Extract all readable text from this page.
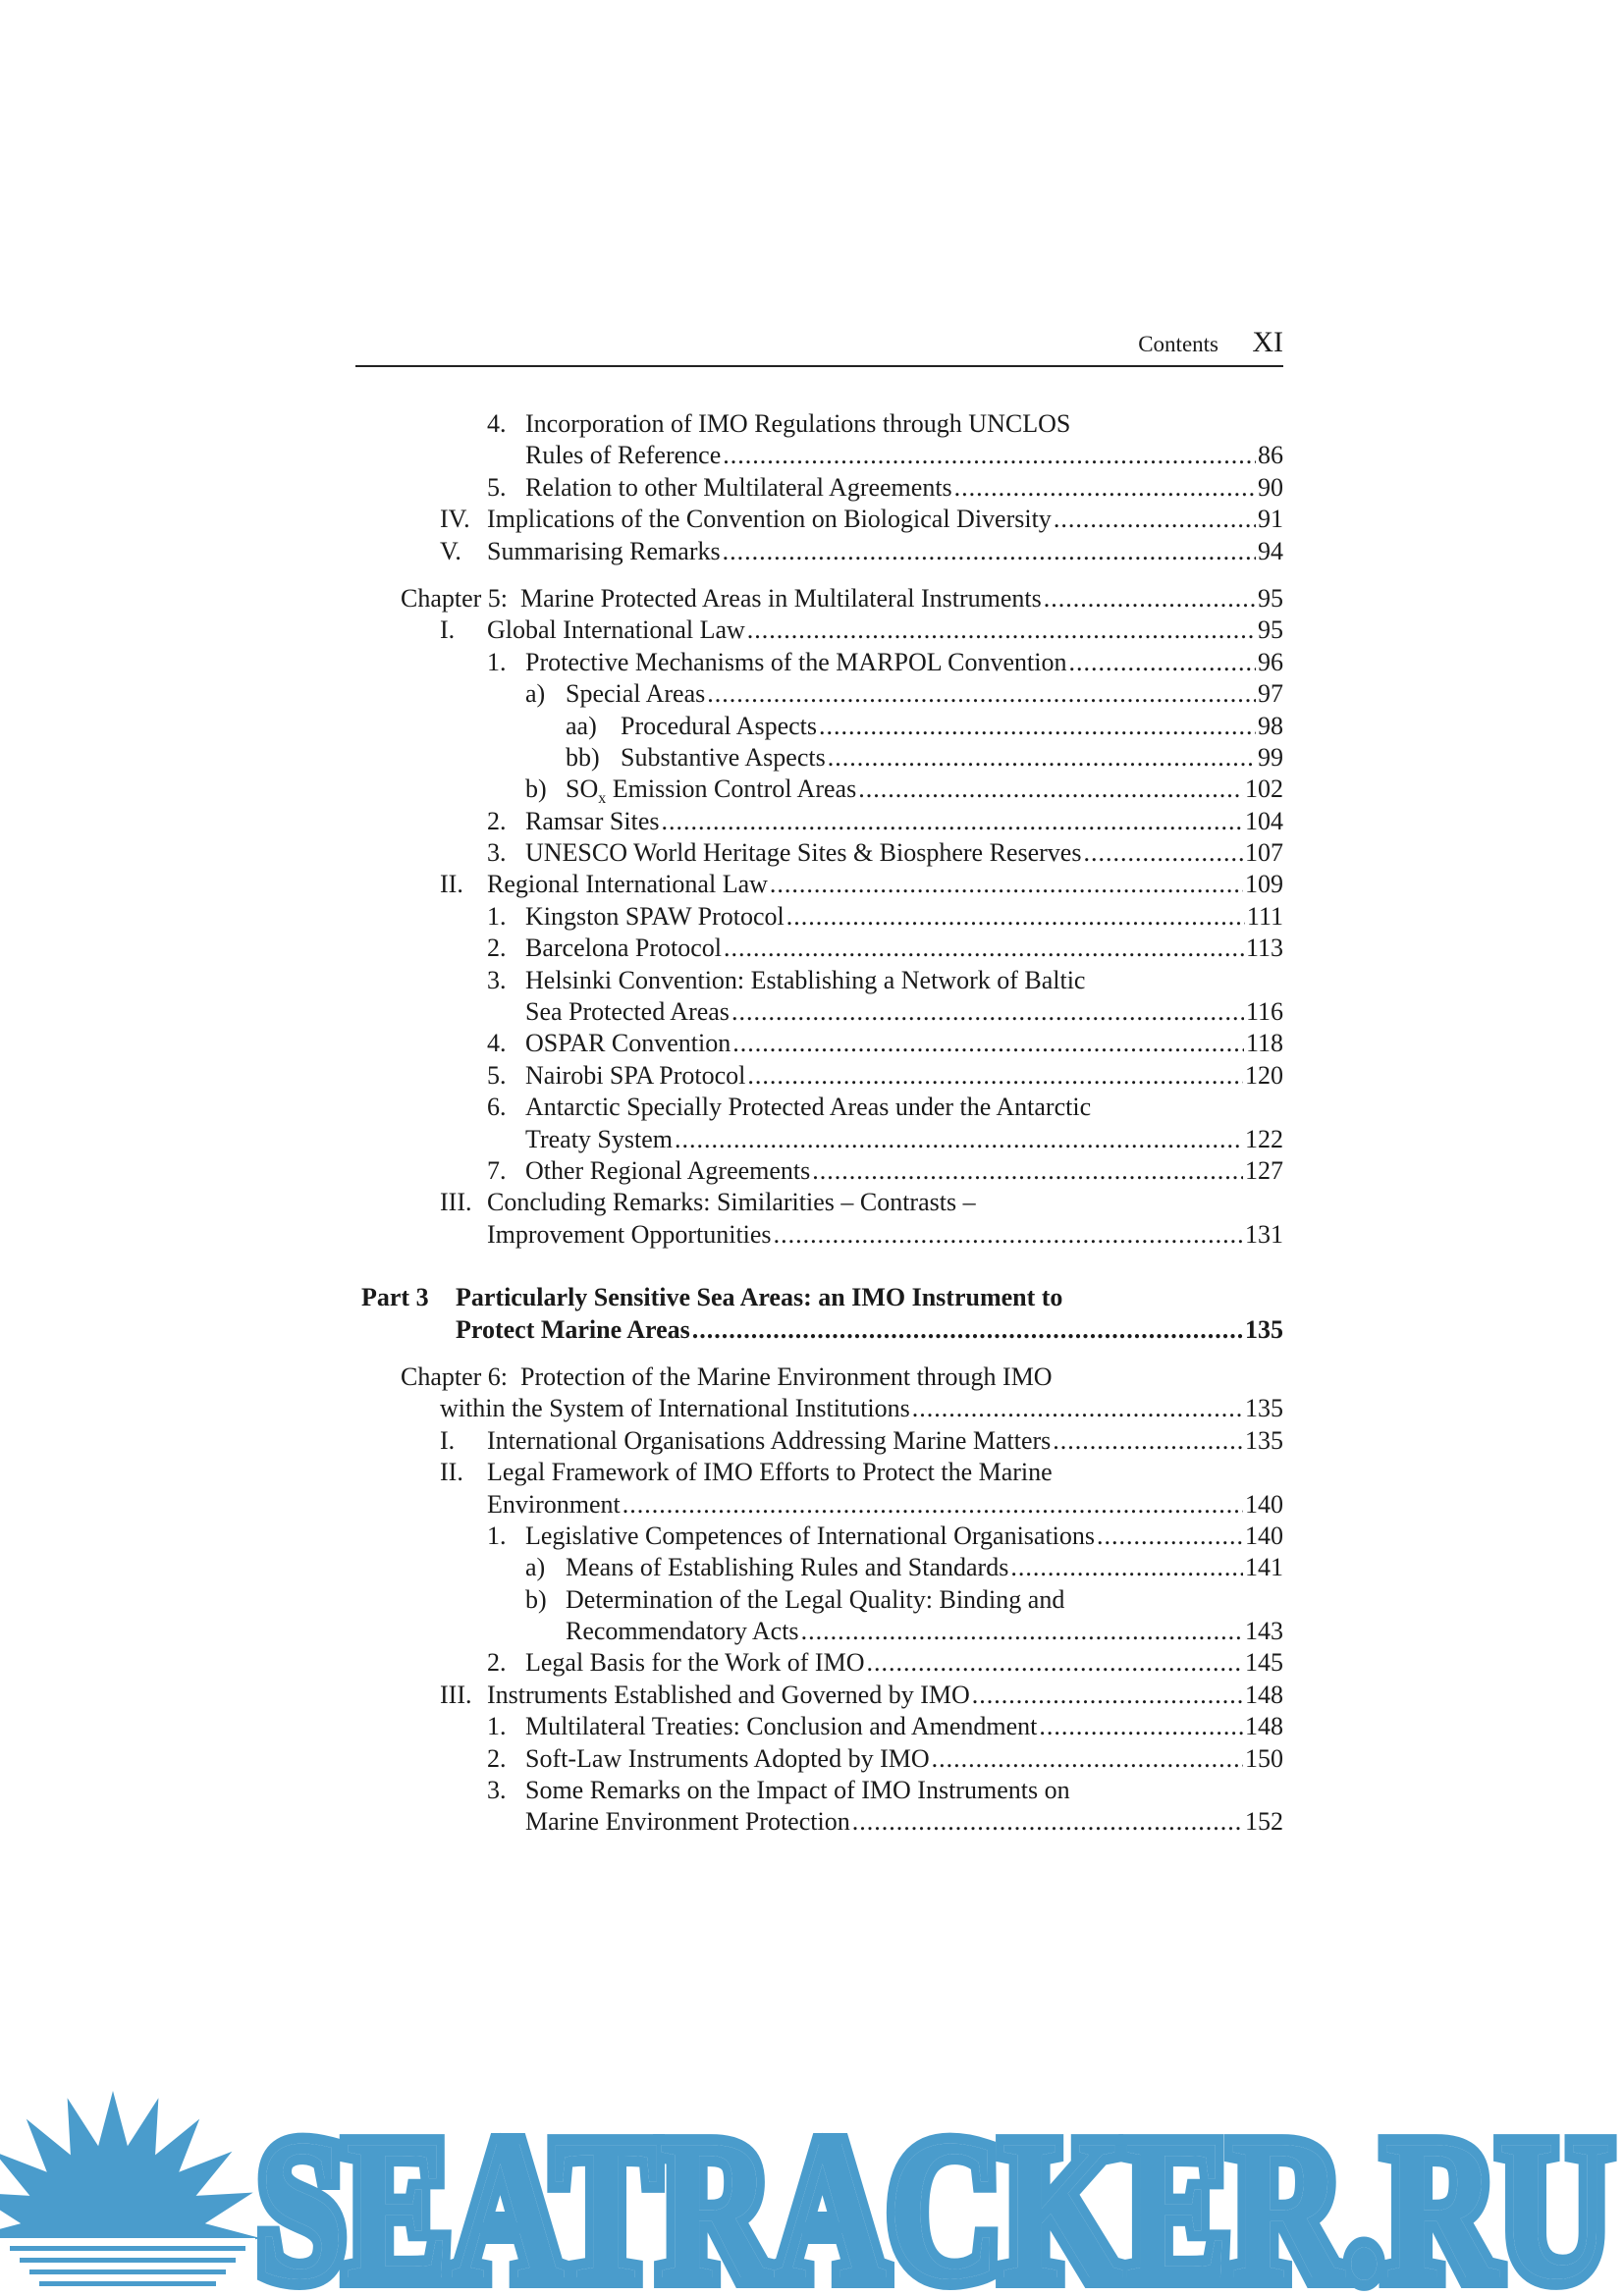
Contents XI
4. Incorporation of IMO Regulations through UNCLOS
Rules of Reference .....	86
5. Relation to other Multilateral Agreements .....	90
IV. Implications of the Convention on Biological Diversity .....	91
V. Summarising Remarks .....	94
Chapter 5:  Marine Protected Areas in Multilateral Instruments .....	95
I. Global International Law .....	95
1. Protective Mechanisms of the MARPOL Convention .....	96
a) Special Areas .....	97
aa) Procedural Aspects .....	98
bb) Substantive Aspects .....	99
b) $SO_x$ Emission Control Areas .....	102
2. Ramsar Sites .....	104
3. UNESCO World Heritage Sites & Biosphere Reserves .....	107
II. Regional International Law .....	109
1. Kingston SPAW Protocol .....	111
2. Barcelona Protocol .....	113
3. Helsinki Convention: Establishing a Network of Baltic
Sea Protected Areas .....	116
4. OSPAR Convention .....	118
5. Nairobi SPA Protocol .....	120
6. Antarctic Specially Protected Areas under the Antarctic
Treaty System .....	122
7. Other Regional Agreements .....	127
III. Concluding Remarks: Similarities – Contrasts –
Improvement Opportunities .....	131
Part 3 Particularly Sensitive Sea Areas: an IMO Instrument to
Protect Marine Areas .....	135
Chapter 6:  Protection of the Marine Environment through IMO
within the System of International Institutions .....	135
I. International Organisations Addressing Marine Matters .....	135
II. Legal Framework of IMO Efforts to Protect the Marine
Environment .....	140
1. Legislative Competences of International Organisations .....	140
a) Means of Establishing Rules and Standards .....	141
b) Determination of the Legal Quality: Binding and
Recommendatory Acts .....	143
2. Legal Basis for the Work of IMO .....	145
III. Instruments Established and Governed by IMO .....	148
1. Multilateral Treaties: Conclusion and Amendment .....	148
2. Soft-Law Instruments Adopted by IMO .....	150
3. Some Remarks on the Impact of IMO Instruments on
Marine Environment Protection .....	152
SEATRACKER.RU
SEATRACKER.RU
